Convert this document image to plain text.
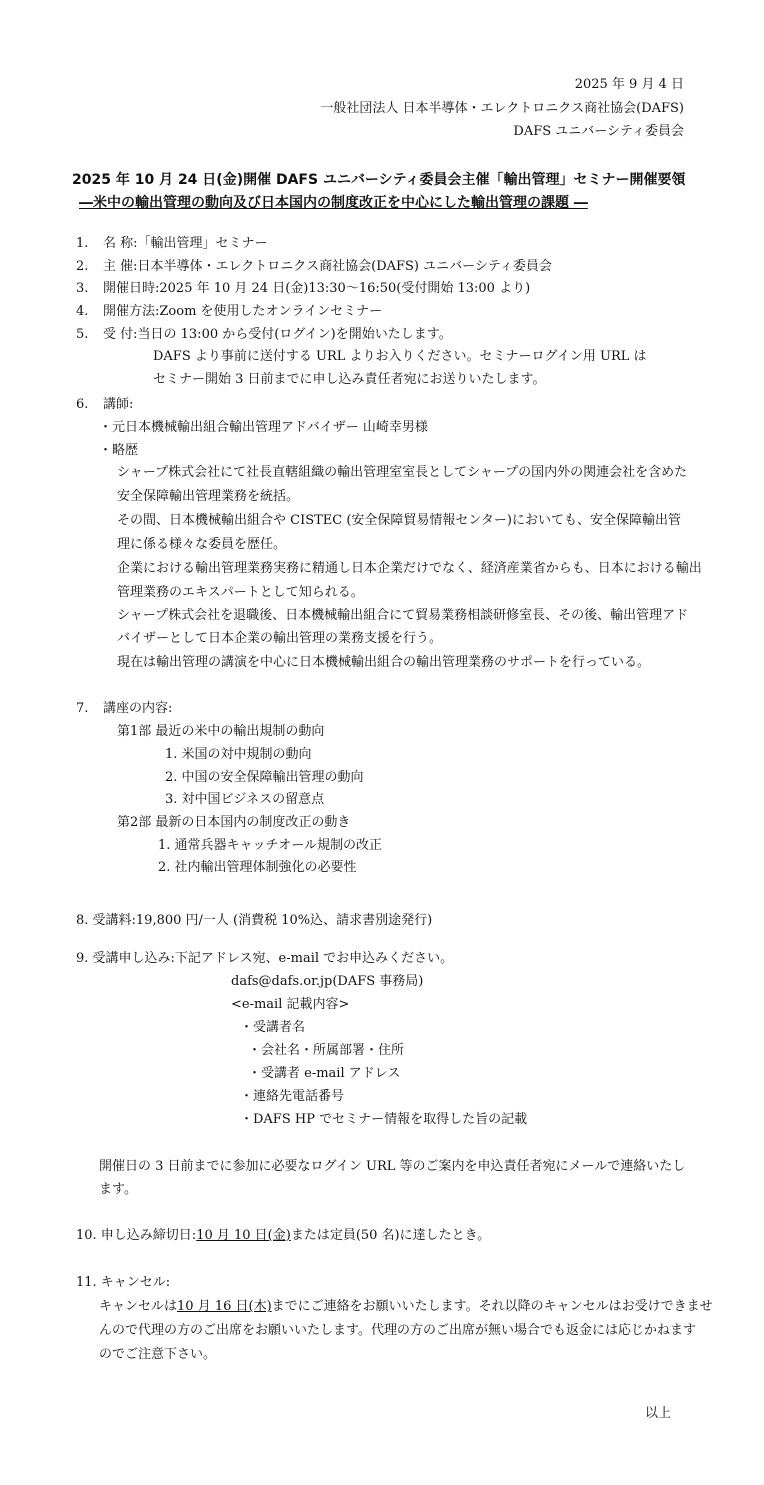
2025 年 9 月 4 日
一般社団法人 日本半導体・エレクトロニクス商社協会(DAFS)
DAFS ユニバーシティ委員会
2025 年 10 月 24 日(金)開催 DAFS ユニバーシティ委員会主催「輸出管理」セミナー開催要領
―米中の輸出管理の動向及び日本国内の制度改正を中心にした輸出管理の課題 ―
1. 名 称:「輸出管理」セミナー
2. 主 催:日本半導体・エレクトロニクス商社協会(DAFS) ユニバーシティ委員会
3. 開催日時:2025 年 10 月 24 日(金)13:30～16:50(受付開始 13:00 より)
4. 開催方法:Zoom を使用したオンラインセミナー
5. 受 付:当日の 13:00 から受付(ログイン)を開始いたします。
DAFS より事前に送付する URL よりお入りください。セミナーログイン用 URL は
セミナー開始 3 日前までに申し込み責任者宛にお送りいたします。
6. 講師:
・元日本機械輸出組合輸出管理アドバイザー 山崎幸男様
・略歴
シャープ株式会社にて社長直轄組織の輸出管理室室長としてシャープの国内外の関連会社を含めた
安全保障輸出管理業務を統括。
その間、日本機械輸出組合や CISTEC (安全保障貿易情報センター)においても、安全保障輸出管
理に係る様々な委員を歴任。
企業における輸出管理業務実務に精通し日本企業だけでなく、経済産業省からも、日本における輸出
管理業務のエキスパートとして知られる。
シャープ株式会社を退職後、日本機械輸出組合にて貿易業務相談研修室長、その後、輸出管理アド
バイザーとして日本企業の輸出管理の業務支援を行う。
現在は輸出管理の講演を中心に日本機械輸出組合の輸出管理業務のサポートを行っている。
7. 講座の内容:
第1部 最近の米中の輸出規制の動向
1. 米国の対中規制の動向
2. 中国の安全保障輸出管理の動向
3. 対中国ビジネスの留意点
第2部 最新の日本国内の制度改正の動き
1. 通常兵器キャッチオール規制の改正
2. 社内輸出管理体制強化の必要性
8. 受講料:19,800 円/一人 (消費税 10%込、請求書別途発行)
9. 受講申し込み:下記アドレス宛、e-mail でお申込みください。
dafs@dafs.or.jp(DAFS 事務局)
<e-mail 記載内容>
・受講者名
・会社名・所属部署・住所
・受講者 e-mail アドレス
・連絡先電話番号
・DAFS HP でセミナー情報を取得した旨の記載
開催日の 3 日前までに参加に必要なログイン URL 等のご案内を申込責任者宛にメールで連絡いたし
ます。
10. 申し込み締切日:10 月 10 日(金)または定員(50 名)に達したとき。
11. キャンセル:
キャンセルは10 月 16 日(木)までにご連絡をお願いいたします。それ以降のキャンセルはお受けできませ
んので代理の方のご出席をお願いいたします。代理の方のご出席が無い場合でも返金には応じかねます
のでご注意下さい。
以上
